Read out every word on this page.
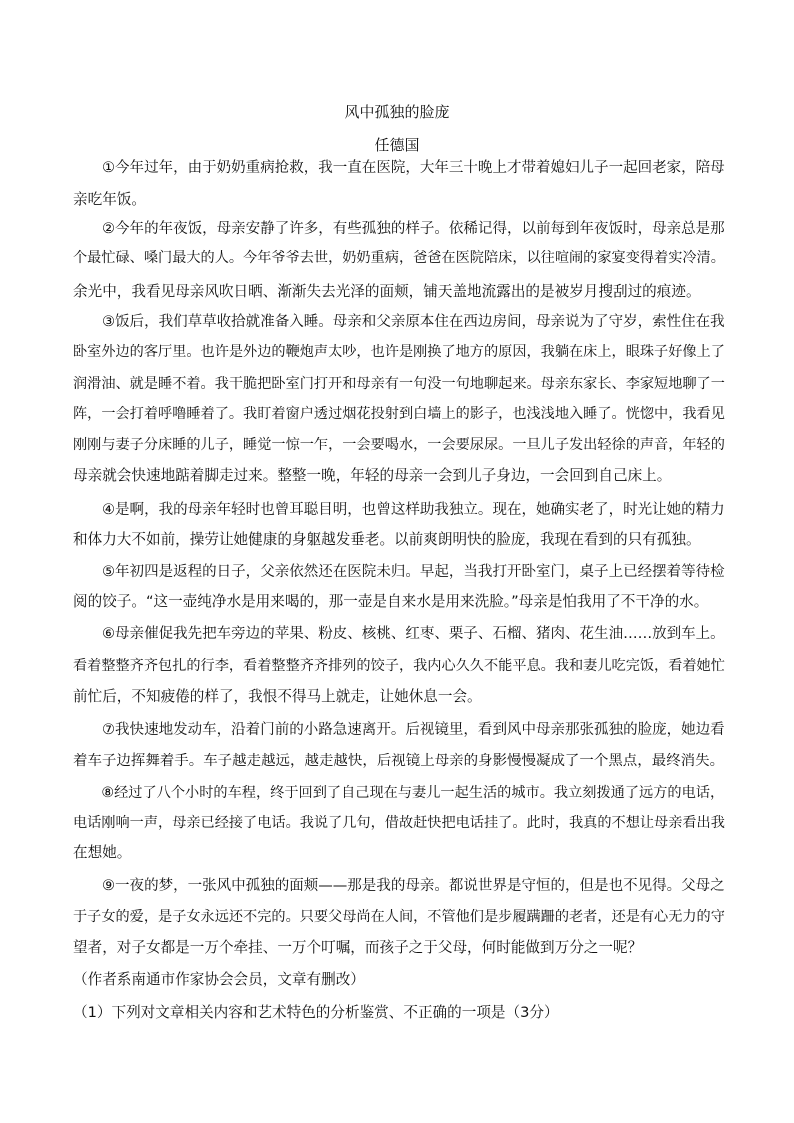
风中孤独的脸庞
任德国
　　①今年过年，由于奶奶重病抢救，我一直在医院，大年三十晚上才带着媳妇儿子一起回老家，陪母
亲吃年饭。
　　②今年的年夜饭，母亲安静了许多，有些孤独的样子。依稀记得，以前每到年夜饭时，母亲总是那
个最忙碌、嗓门最大的人。今年爷爷去世，奶奶重病，爸爸在医院陪床，以往喧闹的家宴变得着实冷清。
余光中，我看见母亲风吹日晒、渐渐失去光泽的面颊，铺天盖地流露出的是被岁月搜刮过的痕迹。
　　③饭后，我们草草收拾就准备入睡。母亲和父亲原本住在西边房间，母亲说为了守岁，索性住在我
卧室外边的客厅里。也许是外边的鞭炮声太吵，也许是刚换了地方的原因，我躺在床上，眼珠子好像上了
润滑油、就是睡不着。我干脆把卧室门打开和母亲有一句没一句地聊起来。母亲东家长、李家短地聊了一
阵，一会打着呼噜睡着了。我盯着窗户透过烟花投射到白墙上的影子，也浅浅地入睡了。恍惚中，我看见
刚刚与妻子分床睡的儿子，睡觉一惊一乍，一会要喝水，一会要尿尿。一旦儿子发出轻徐的声音，年轻的
母亲就会快速地踮着脚走过来。整整一晚，年轻的母亲一会到儿子身边，一会回到自己床上。
　　④是啊，我的母亲年轻时也曾耳聪目明，也曾这样助我独立。现在，她确实老了，时光让她的精力
和体力大不如前，操劳让她健康的身躯越发垂老。以前爽朗明快的脸庞，我现在看到的只有孤独。
　　⑤年初四是返程的日子，父亲依然还在医院未归。早起，当我打开卧室门，桌子上已经摆着等待检
阅的饺子。“这一壶纯净水是用来喝的，那一壶是自来水是用来洗脸。”母亲是怕我用了不干净的水。
　　⑥母亲催促我先把车旁边的苹果、粉皮、核桃、红枣、栗子、石榴、猪肉、花生油……放到车上。
看着整整齐齐包扎的行李，看着整整齐齐排列的饺子，我内心久久不能平息。我和妻儿吃完饭，看着她忙
前忙后，不知疲倦的样了，我恨不得马上就走，让她休息一会。
　　⑦我快速地发动车，沿着门前的小路急速离开。后视镜里，看到风中母亲那张孤独的脸庞，她边看
着车子边挥舞着手。车子越走越远，越走越快，后视镜上母亲的身影慢慢凝成了一个黑点，最终消失。
　　⑧经过了八个小时的车程，终于回到了自己现在与妻儿一起生活的城市。我立刻拨通了远方的电话，
电话刚响一声，母亲已经接了电话。我说了几句，借故赶快把电话挂了。此时，我真的不想让母亲看出我
在想她。
　　⑨一夜的梦，一张风中孤独的面颊——那是我的母亲。都说世界是守恒的，但是也不见得。父母之
于子女的爱，是子女永远还不完的。只要父母尚在人间，不管他们是步履蹒跚的老者，还是有心无力的守
望者，对子女都是一万个牵挂、一万个叮嘱，而孩子之于父母，何时能做到万分之一呢？
（作者系南通市作家协会会员，文章有删改）
（1）下列对文章相关内容和艺术特色的分析鉴赏、不正确的一项是（3分）
